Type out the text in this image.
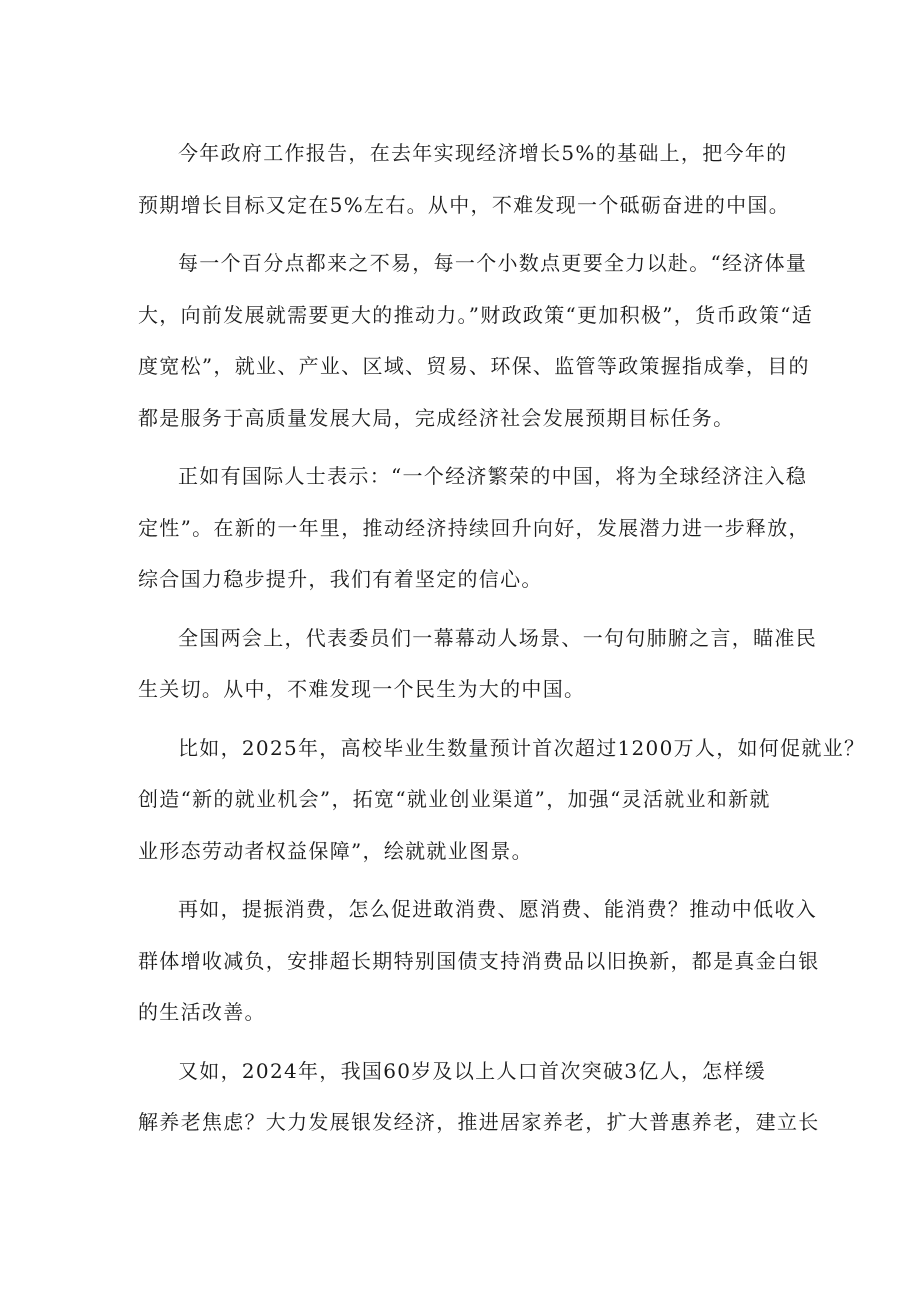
今年政府工作报告，在去年实现经济增长5%的基础上，把今年的
预期增长目标又定在5%左右。从中，不难发现一个砥砺奋进的中国。

每一个百分点都来之不易，每一个小数点更要全力以赴。“经济体量
大，向前发展就需要更大的推动力。”财政政策“更加积极”，货币政策“适
度宽松”，就业、产业、区域、贸易、环保、监管等政策握指成拳，目的
都是服务于高质量发展大局，完成经济社会发展预期目标任务。

正如有国际人士表示：“一个经济繁荣的中国，将为全球经济注入稳
定性”。在新的一年里，推动经济持续回升向好，发展潜力进一步释放，
综合国力稳步提升，我们有着坚定的信心。

全国两会上，代表委员们一幕幕动人场景、一句句肺腑之言，瞄准民
生关切。从中，不难发现一个民生为大的中国。

比如，2025年，高校毕业生数量预计首次超过1200万人，如何促就业？
创造“新的就业机会”，拓宽“就业创业渠道”，加强“灵活就业和新就
业形态劳动者权益保障”，绘就就业图景。

再如，提振消费，怎么促进敢消费、愿消费、能消费？推动中低收入
群体增收减负，安排超长期特别国债支持消费品以旧换新，都是真金白银
的生活改善。

又如，2024年，我国60岁及以上人口首次突破3亿人，怎样缓
解养老焦虑？大力发展银发经济，推进居家养老，扩大普惠养老，建立长
